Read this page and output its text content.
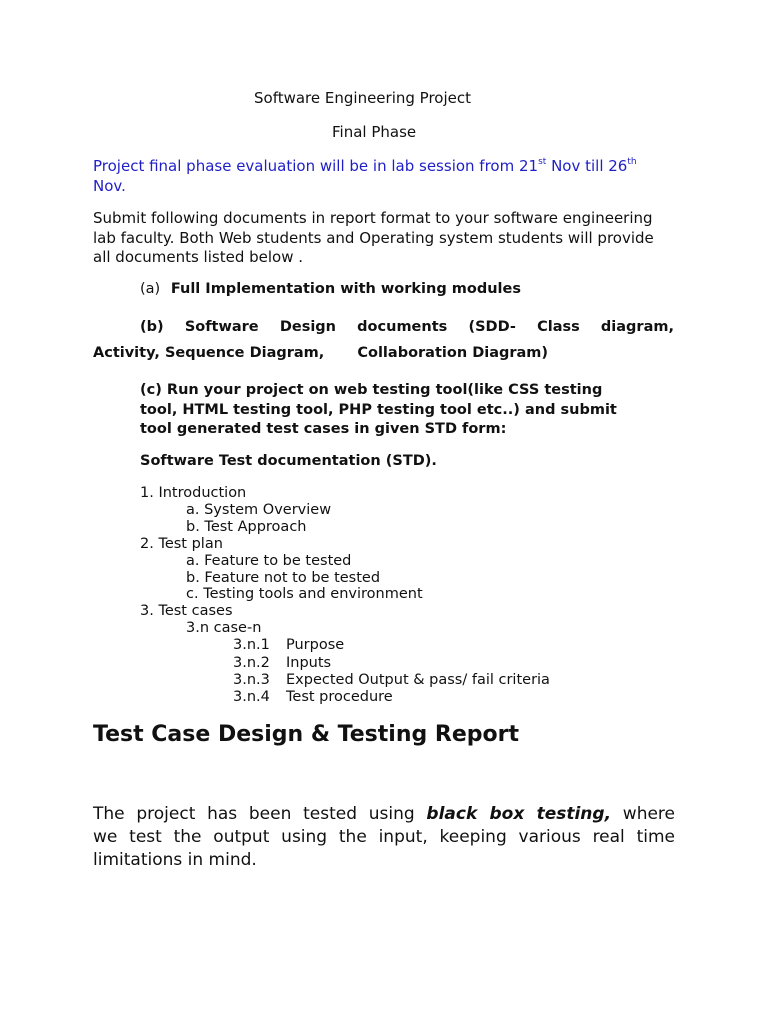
Software Engineering Project
Final Phase
Project final phase evaluation will be in lab session from 21st Nov till 26th
Nov.
Submit following documents in report format to your software engineering
lab faculty. Both Web students and Operating system students will provide
all documents listed below .
(a) Full Implementation with working modules
(b) Software Design documents (SDD- Class diagram,
Activity, Sequence Diagram, Collaboration Diagram)
(c) Run your project on web testing tool(like CSS testing
tool, HTML testing tool, PHP testing tool etc..) and submit
tool generated test cases in given STD form:
Software Test documentation (STD).
1. Introduction
a. System Overview
b. Test Approach
2. Test plan
a. Feature to be tested
b. Feature not to be tested
c. Testing tools and environment
3. Test cases
3.n case-n
3.n.1 Purpose
3.n.2 Inputs
3.n.3 Expected Output & pass/ fail criteria
3.n.4 Test procedure
Test Case Design & Testing Report
The project has been tested using black box testing, where
we test the output using the input, keeping various real time
limitations in mind.
